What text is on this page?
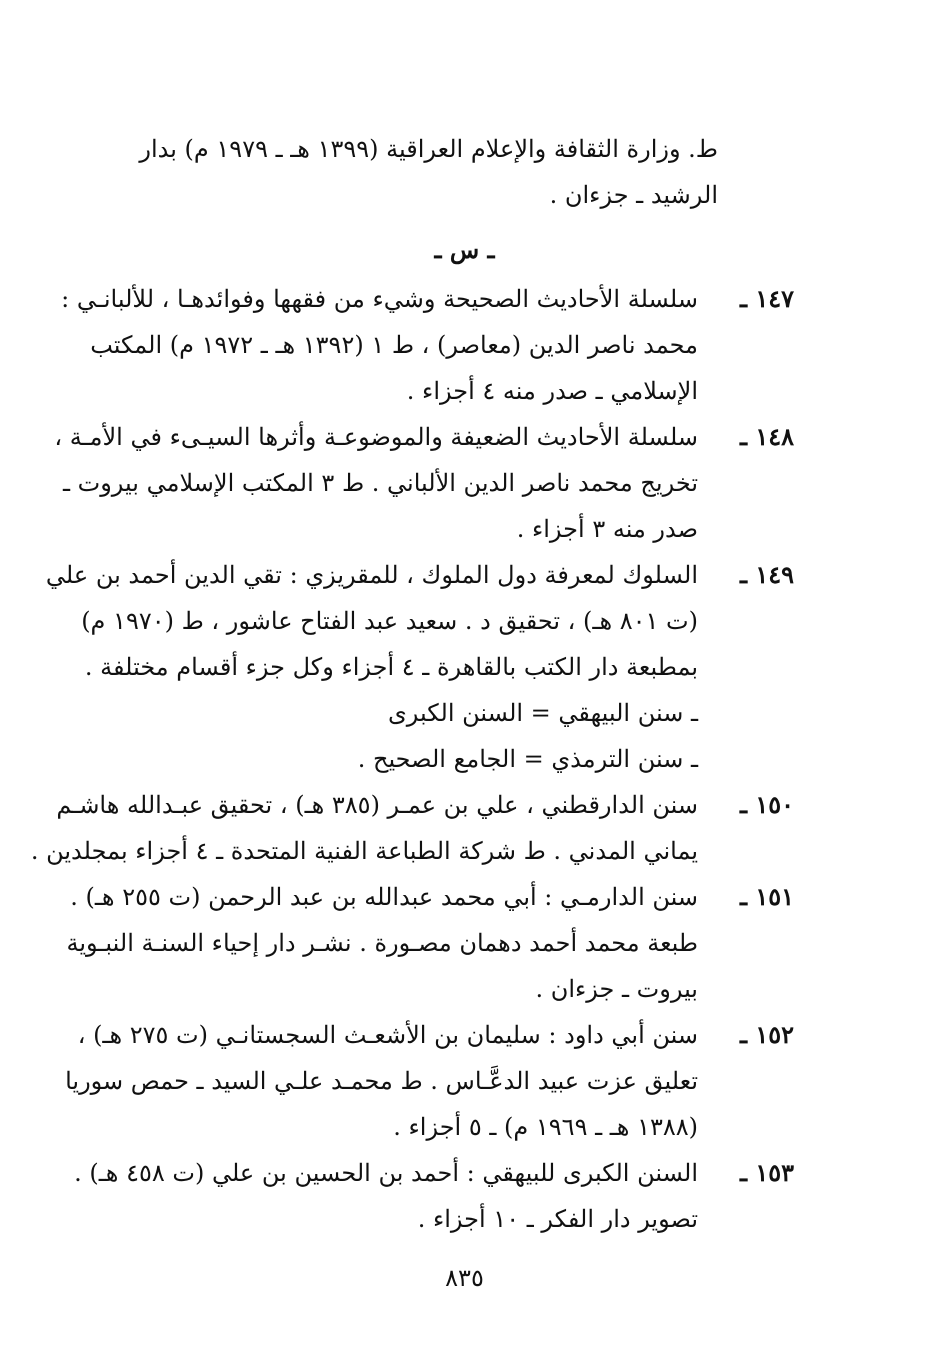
ط. وزارة الثقافة والإعلام العراقية (١٣٩٩ هـ ـ ١٩٧٩ م) بدار
الرشيد ـ جزءان .
ـ س ـ
١٤٧ ـ
سلسلة الأحاديث الصحيحة وشيء من فقهها وفوائدهـا ، للألبانـي :
محمد ناصر الدين (معاصر) ، ط ١ (١٣٩٢ هـ ـ ١٩٧٢ م) المكتب
الإسلامي ـ صدر منه ٤ أجزاء .
١٤٨ ـ
سلسلة الأحاديث الضعيفة والموضوعـة وأثرها السيـىء في الأمـة ،
تخريج محمد ناصر الدين الألباني . ط ٣ المكتب الإسلامي بيروت ـ
صدر منه ٣ أجزاء .
١٤٩ ـ
السلوك لمعرفة دول الملوك ، للمقريزي : تقي الدين أحمد بن علي
(ت ٨٠١ هـ) ، تحقيق د . سعيد عبد الفتاح عاشور ، ط (١٩٧٠ م)
بمطبعة دار الكتب بالقاهرة ـ ٤ أجزاء وكل جزء أقسام مختلفة .
ـ سنن البيهقي = السنن الكبرى
ـ سنن الترمذي = الجامع الصحيح .
١٥٠ ـ
سنن الدارقطني ، علي بن عمـر (٣٨٥ هـ) ، تحقيق عبـدالله هاشـم
يماني المدني . ط شركة الطباعة الفنية المتحدة ـ ٤ أجزاء بمجلدين .
١٥١ ـ
سنن الدارمـي : أبي محمد عبدالله بن عبد الرحمن (ت ٢٥٥ هـ) .
طبعة محمد أحمد دهمان مصـورة . نشـر دار إحياء السنـة النبـوية
بيروت ـ جزءان .
١٥٢ ـ
سنن أبي داود : سليمان بن الأشعـث السجستانـي (ت ٢٧٥ هـ) ،
تعليق عزت عبيد الدعَّـاس . ط محمـد علـي السيد ـ حمص سوريا
(١٣٨٨ هـ ـ ١٩٦٩ م) ـ ٥ أجزاء .
١٥٣ ـ
السنن الكبرى للبيهقي : أحمد بن الحسين بن علي (ت ٤٥٨ هـ) .
تصوير دار الفكر ـ ١٠ أجزاء .
٨٣٥
